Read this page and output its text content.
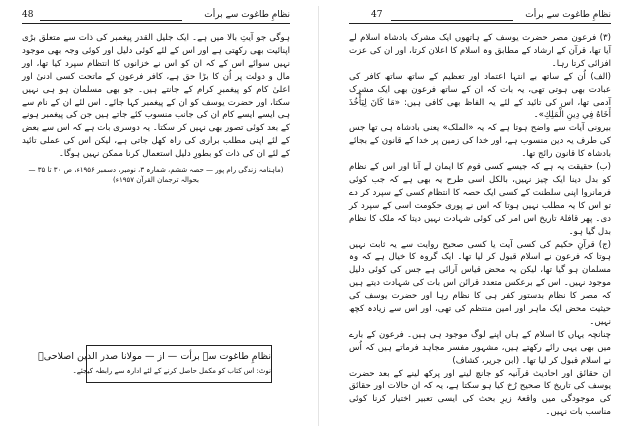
48	نظامِ طاغوت سے برأت

ہوگی جو آیتِ بالا میں ہے۔ ایک جلیل القدر پیغمبر کی ذات سے متعلق بڑی اپنائیت بھی رکھتی ہے اور اس کے لئے کوئی دلیل اور کوئی وجہ بھی موجود نہیں سوائے اس کے کہ ان کو اس نے خزانوں کا انتظام سپرد کیا تھا، اور مال و دولت پر اُن کا بڑا حق ہے، کافر فرعون کے ماتحت کسی ادنیٰ اور اعلیٰ کام کو پیغمبرِ کرام کے جانتے ہیں۔ جو بھی مسلمان ہو ہی نہیں سکتا، اور حضرت یوسف کو ان کے پیغمبر کہا جائے۔ اس لئے ان کے نام سے ہی ایسے ایسے کام ان کی جانب منسوب کئے جاتے ہیں جن کی پیغمبر ہونے کے بعد کوئی تصور بھی نہیں کر سکتا۔ یہ دوسری بات ہے کہ اس سے بعض کے لئے اپنی مطلب براری کی راہ کھل جاتی ہے، لیکن اس کی عملی تائید کے لئے ان کی ذات کو بطورِ دلیل استعمال کرنا ممکن نہیں ہوگا۔

(ماہنامہ زندگی رام پور — حصہ ششم، شمارہ ۳، نومبر، دسمبر ۱۹۵۶ء، ص ۳۰ تا ۳۵ — بحوالہ ترجمان القرآن ۱۹۵۷ء)

نظامِ طاغوت سے برأت — از — مولانا صدر الدین اصلاحیؒ
نوٹ: اس کتاب کو مکمل حاصل کرنے کے لئے ادارہ سے رابطہ کیجئے۔
47	نظامِ طاغوت سے برأت

(۳) فرعون مصر حضرت یوسف کے ہاتھوں ایک مشرک بادشاہ اسلام لے آیا تھا، قرآن کے ارشاد کے مطابق وہ اسلام کا اعلان کرتا، اور ان کی عزت افزائی کرتا رہا۔

(الف) اُن کے ساتھ بے انتہا اعتماد اور تعظیم کے ساتھ ساتھ کافر کی عبادت بھی ہوتی تھی، یہ بات کہ ان کے ساتھ فرعون بھی ایک مشرک آدمی تھا، اس کی تائید کے لئے یہ الفاظ بھی کافی ہیں: «مَا كَانَ لِيَأْخُذَ أَخَاهُ فِي دِينِ الْمَلِكِ»۔

بیرونی آیات سے واضح ہوتا ہے کہ یہ «الملک» یعنی بادشاہ ہی تھا جس کی طرف یہ دین منسوب ہے، اور خدا کی زمین پر خدا کے قانون کے بجائے بادشاہ کا قانون رائج تھا۔

(ب) حقیقت یہ ہے کہ جیسے کسی قوم کا ایمان لے آنا اور اس کے نظام کو بدل دینا ایک چیز نہیں، بالکل اسی طرح یہ بھی ہے کہ جب کوئی فرمانروا اپنی سلطنت کے کسی ایک حصہ کا انتظام کسی کے سپرد کر دے تو اس کا یہ مطلب نہیں ہوتا کہ اس نے پوری حکومت اسی کے سپرد کر دی۔ پھر قافلۂ تاریخ اس امر کی کوئی شہادت نہیں دیتا کہ ملک کا نظام بدل گیا ہو۔

(ج) قرآنِ حکیم کی کسی آیت یا کسی صحیح روایت سے یہ ثابت نہیں ہوتا کہ فرعون نے اسلام قبول کر لیا تھا۔ ایک گروہ کا خیال ہے کہ وہ مسلمان ہو گیا تھا، لیکن یہ محض قیاس آرائی ہے جس کی کوئی دلیل موجود نہیں۔ اس کے برعکس متعدد قرائن اس بات کی شہادت دیتے ہیں کہ مصر کا نظام بدستور کفر ہی کا نظام رہا اور حضرت یوسف کی حیثیت محض ایک ماہر اور امین منتظم کی تھی، اور اس سے زیادہ کچھ نہیں۔

چنانچہ یہاں کا اسلام کے ہاں اپنے لوگ موجود ہی ہیں۔ فرعون کے بارے میں بھی یہی رائے رکھتے ہیں، مشہور مفسر مجاہد فرماتے ہیں کہ اُس نے اسلام قبول کر لیا تھا۔ (ابن جریر، کشاف)

ان حقائق اور احادیث قرآنیہ کو جانچ لینے اور پرکھ لینے کے بعد حضرت یوسف کی تاریخ کا صحیح رُخ کیا ہو سکتا ہے، یہ کہ ان حالات اور حقائق کی موجودگی میں واقعۂ زیرِ بحث کی ایسی تعبیر اختیار کرنا کوئی مناسب بات نہیں۔
